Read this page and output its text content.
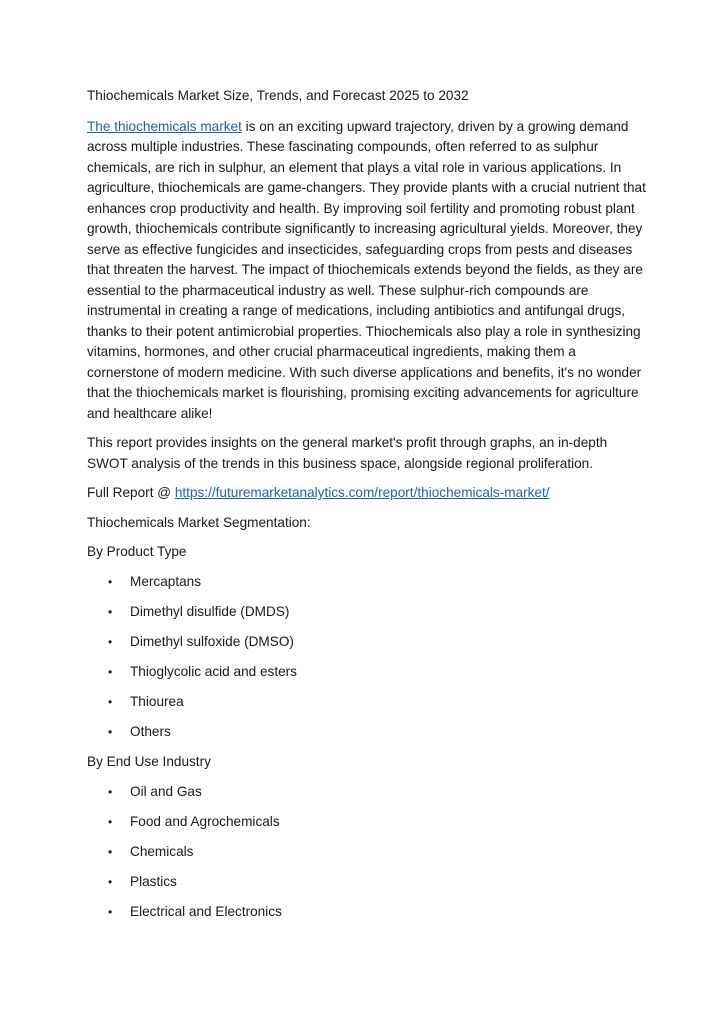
Thiochemicals Market Size, Trends, and Forecast 2025 to 2032

The thiochemicals market is on an exciting upward trajectory, driven by a growing demand across multiple industries. These fascinating compounds, often referred to as sulphur chemicals, are rich in sulphur, an element that plays a vital role in various applications. In agriculture, thiochemicals are game-changers. They provide plants with a crucial nutrient that enhances crop productivity and health. By improving soil fertility and promoting robust plant growth, thiochemicals contribute significantly to increasing agricultural yields. Moreover, they serve as effective fungicides and insecticides, safeguarding crops from pests and diseases that threaten the harvest. The impact of thiochemicals extends beyond the fields, as they are essential to the pharmaceutical industry as well. These sulphur-rich compounds are instrumental in creating a range of medications, including antibiotics and antifungal drugs, thanks to their potent antimicrobial properties. Thiochemicals also play a role in synthesizing vitamins, hormones, and other crucial pharmaceutical ingredients, making them a cornerstone of modern medicine. With such diverse applications and benefits, it's no wonder that the thiochemicals market is flourishing, promising exciting advancements for agriculture and healthcare alike!

This report provides insights on the general market's profit through graphs, an in-depth SWOT analysis of the trends in this business space, alongside regional proliferation.

Full Report @ https://futuremarketanalytics.com/report/thiochemicals-market/
Thiochemicals Market Segmentation:
By Product Type
• Mercaptans
• Dimethyl disulfide (DMDS)
• Dimethyl sulfoxide (DMSO)
• Thioglycolic acid and esters
• Thiourea
• Others
By End Use Industry
• Oil and Gas
• Food and Agrochemicals
• Chemicals
• Plastics
• Electrical and Electronics
